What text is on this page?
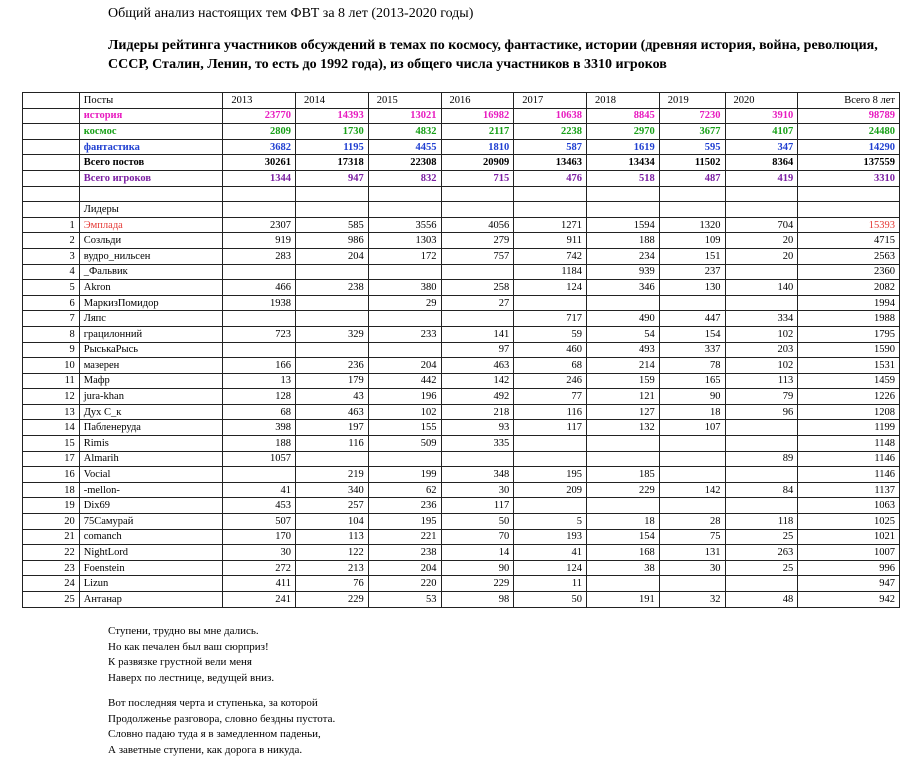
Общий анализ настоящих тем ФВТ за 8 лет (2013-2020 годы)
Лидеры рейтинга участников обсуждений в темах по космосу, фантастике, истории (древняя история, война, революция, СССР, Сталин, Ленин, то есть до 1992 года), из общего числа участников в 3310 игроков
	Посты	2013	2014	2015	2016	2017	2018	2019	2020	Всего 8 лет
	история	23770	14393	13021	16982	10638	8845	7230	3910	98789
	космос	2809	1730	4832	2117	2238	2970	3677	4107	24480
	фантастика	3682	1195	4455	1810	587	1619	595	347	14290
	Всего постов	30261	17318	22308	20909	13463	13434	11502	8364	137559
	Всего игроков	1344	947	832	715	476	518	487	419	3310

	Лидеры									
1	Эмплада	2307	585	3556	4056	1271	1594	1320	704	15393
2	Созльди	919	986	1303	279	911	188	109	20	4715
3	вудро_нильсен	283	204	172	757	742	234	151	20	2563
4	_Фальвик					1184	939	237		2360
5	Akron	466	238	380	258	124	346	130	140	2082
6	МаркизПомидор	1938		29	27					1994
7	Ляпс					717	490	447	334	1988
8	грацилонний	723	329	233	141	59	54	154	102	1795
9	РыськаРысь				97	460	493	337	203	1590
10	мазерен	166	236	204	463	68	214	78	102	1531
11	Мафр	13	179	442	142	246	159	165	113	1459
12	jura-khan	128	43	196	492	77	121	90	79	1226
13	Дух С_к	68	463	102	218	116	127	18	96	1208
14	Пабленеруда	398	197	155	93	117	132	107		1199
15	Rimis	188	116	509	335					1148
17	Almarih	1057							89	1146
16	Vocial		219	199	348	195	185			1146
18	-mellon-	41	340	62	30	209	229	142	84	1137
19	Dix69	453	257	236	117					1063
20	75Самурай	507	104	195	50	5	18	28	118	1025
21	comanch	170	113	221	70	193	154	75	25	1021
22	NightLord	30	122	238	14	41	168	131	263	1007
23	Foenstein	272	213	204	90	124	38	30	25	996
24	Lizun	411	76	220	229	11				947
25	Антанар	241	229	53	98	50	191	32	48	942
Ступени, трудно вы мне дались.
Но как печален был ваш сюрприз!
К развязке грустной вели меня
Наверх по лестнице, ведущей вниз.
Вот последняя черта и ступенька, за которой
Продолженье разговора, словно бездны пустота.
Словно падаю туда я в замедленном паденьи,
А заветные ступени, как дорога в никуда.
